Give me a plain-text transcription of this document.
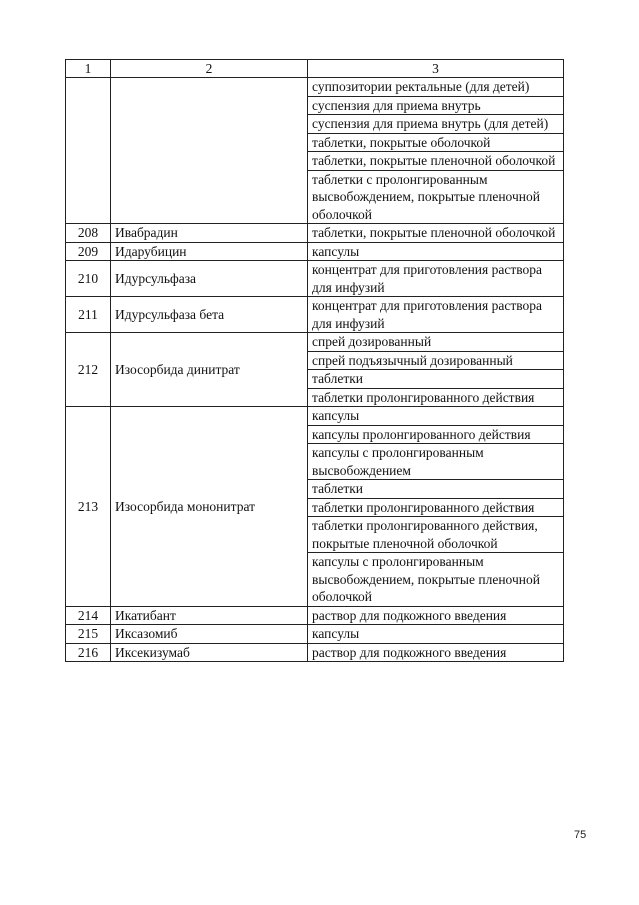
1	2	3
		суппозитории ректальные (для детей)
		суспензия для приема внутрь
		суспензия для приема внутрь (для детей)
		таблетки, покрытые оболочкой
		таблетки, покрытые пленочной оболочкой
		таблетки с пролонгированным высвобождением, покрытые пленочной оболочкой
208	Ивабрадин	таблетки, покрытые пленочной оболочкой
209	Идарубицин	капсулы
210	Идурсульфаза	концентрат для приготовления раствора для инфузий
211	Идурсульфаза бета	концентрат для приготовления раствора для инфузий
212	Изосорбида динитрат	спрей дозированный
		спрей подъязычный дозированный
		таблетки
		таблетки пролонгированного действия
213	Изосорбида мононитрат	капсулы
		капсулы пролонгированного действия
		капсулы с пролонгированным высвобождением
		таблетки
		таблетки пролонгированного действия
		таблетки пролонгированного действия, покрытые пленочной оболочкой
		капсулы с пролонгированным высвобождением, покрытые пленочной оболочкой
214	Икатибант	раствор для подкожного введения
215	Иксазомиб	капсулы
216	Иксекизумаб	раствор для подкожного введения
75
